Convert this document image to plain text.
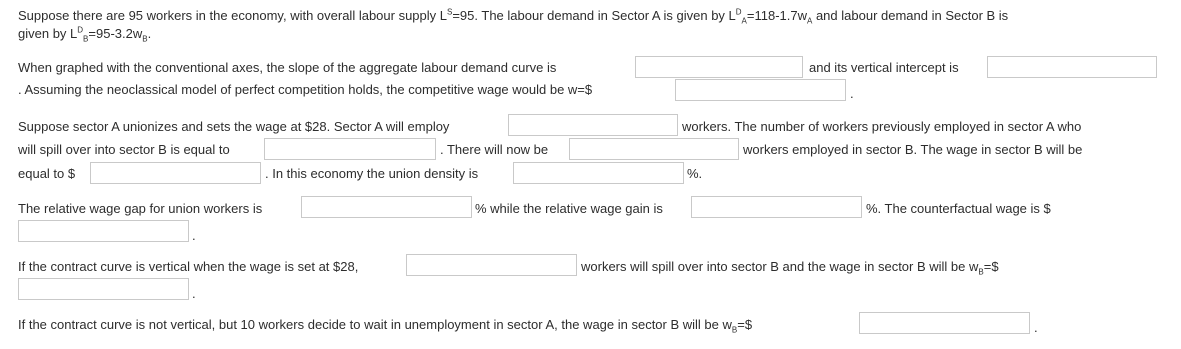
Suppose there are 95 workers in the economy, with overall labour supply $L^S=95$. The labour demand in Sector A is given by $L^D_A=118-1.7w_A$ and labour demand in Sector B is
given by $L^D_B=95-3.2w_B$.
When graphed with the conventional axes, the slope of the aggregate labour demand curve is	and its vertical intercept is
. Assuming the neoclassical model of perfect competition holds, the competitive wage would be w=$	.
Suppose sector A unionizes and sets the wage at $28. Sector A will employ	workers. The number of workers previously employed in sector A who
will spill over into sector B is equal to	. There will now be	workers employed in sector B. The wage in sector B will be
equal to $	. In this economy the union density is	%.
The relative wage gap for union workers is	% while the relative wage gain is	%. The counterfactual wage is $
.
If the contract curve is vertical when the wage is set at $28,	workers will spill over into sector B and the wage in sector B will be $w_B=\$$
.
If the contract curve is not vertical, but 10 workers decide to wait in unemployment in sector A, the wage in sector B will be $w_B=\$$	.
